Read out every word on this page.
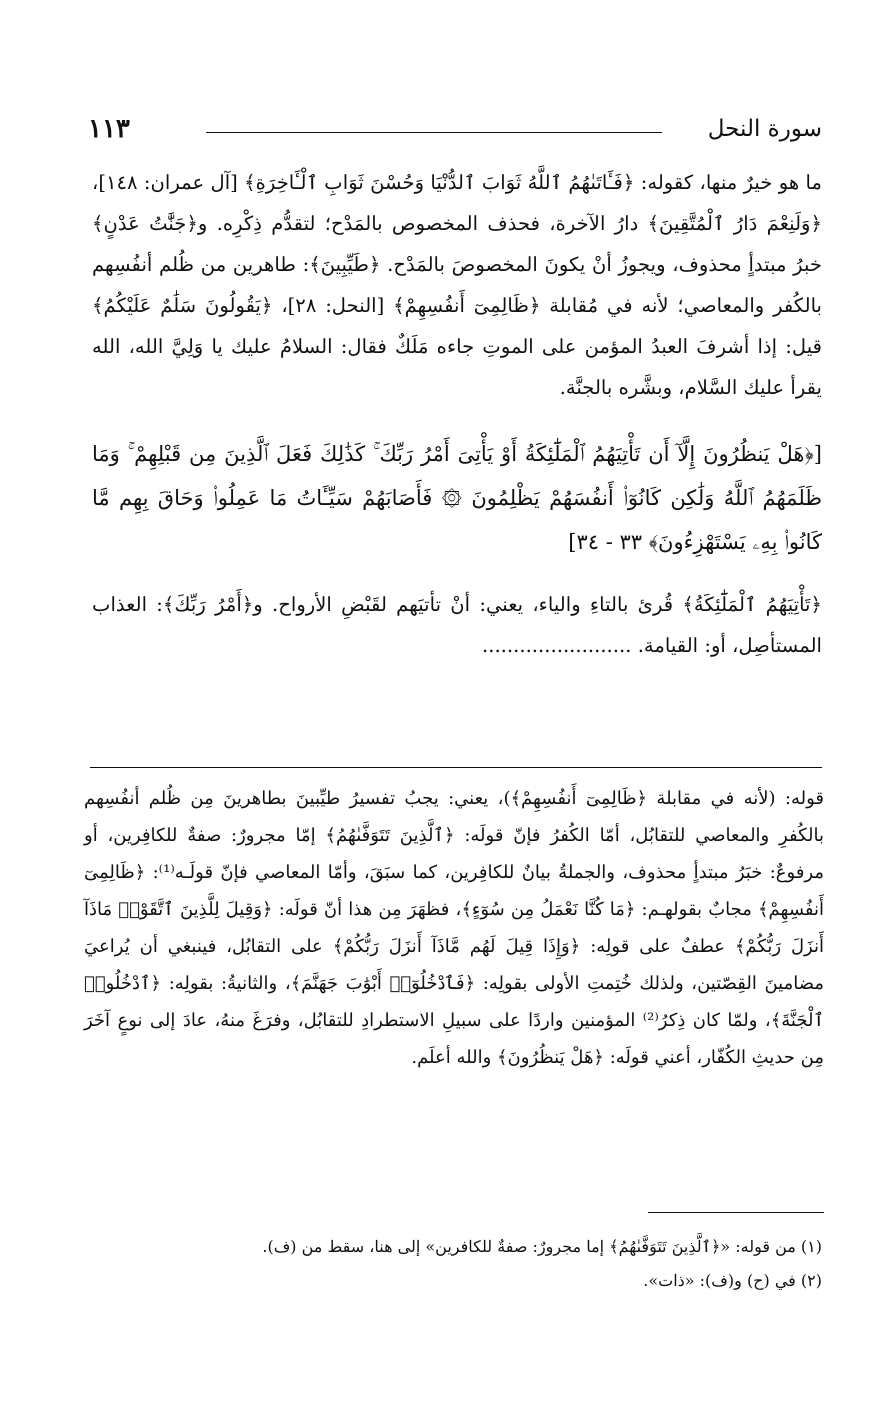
سورة النحل
١١٣

ما هو خيرٌ منها، كقوله: ﴿فَـَٔاتَىٰهُمُ ٱللَّهُ ثَوَابَ ٱلدُّنْيَا وَحُسْنَ ثَوَابِ ٱلْـَٔاخِرَةِ﴾ [آل عمران: ١٤٨]، ﴿وَلَنِعْمَ دَارُ ٱلْمُتَّقِينَ﴾ دارُ الآخرة، فحذف المخصوص بالمَدْح؛ لتقدُّم ذِكْرِه. و﴿جَنَّٰتُ عَدْنٍ﴾ خبرُ مبتدأٍ محذوف، ويجوزُ أنْ يكونَ المخصوصَ بالمَدْح. ﴿طَيِّبِينَ﴾: طاهرين من ظُلم أنفُسِهم بالكُفر والمعاصي؛ لأنه في مُقابلة ﴿ظَالِمِىٓ أَنفُسِهِمْ﴾ [النحل: ٢٨]، ﴿يَقُولُونَ سَلَٰمٌ عَلَيْكُمُ﴾ قيل: إذا أشرفَ العبدُ المؤمن على الموتِ جاءه مَلَكٌ فقال: السلامُ عليك يا وَلِيَّ الله، الله يقرأ عليك السَّلام، وبشَّره بالجنَّة.

[﴿هَلْ يَنظُرُونَ إِلَّآ أَن تَأْتِيَهُمُ ٱلْمَلَٰٓئِكَةُ أَوْ يَأْتِىَ أَمْرُ رَبِّكَ ۚ كَذَٰلِكَ فَعَلَ ٱلَّذِينَ مِن قَبْلِهِمْ ۚ وَمَا ظَلَمَهُمُ ٱللَّهُ وَلَٰكِن كَانُوٓا۟ أَنفُسَهُمْ يَظْلِمُونَ ۞ فَأَصَابَهُمْ سَيِّـَٔاتُ مَا عَمِلُوا۟ وَحَاقَ بِهِم مَّا كَانُوا۟ بِهِۦ يَسْتَهْزِءُونَ﴾ ٣٣ - ٣٤]

﴿تَأْتِيَهُمُ ٱلْمَلَٰٓئِكَةُ﴾ قُرئ بالتاءِ والياء، يعني: أنْ تأتيَهم لقَبْضِ الأرواح. و﴿أَمْرُ رَبِّكَ﴾: العذاب المستأصِل، أو: القيامة. ........................

قوله: (لأنه في مقابلة ﴿ظَالِمِىٓ أَنفُسِهِمْ﴾)، يعني: يجبُ تفسيرُ طيِّبينَ بطاهرينَ مِن ظُلم أنفُسِهم بالكُفرِ والمعاصي للتقابُل، أمّا الكُفرُ فإنّ قولَه: ﴿ٱلَّذِينَ تَتَوَفَّىٰهُمُ﴾ إمّا مجرورٌ: صفةٌ للكافِرين، أو مرفوعٌ: خبَرُ مبتدأٍ محذوف، والجملةُ بيانٌ للكافِرين، كما سبَقَ، وأمّا المعاصي فإنّ قولَـه⁽¹⁾: ﴿ظَالِمِىٓ أَنفُسِهِمْ﴾ مجابٌ بقولهـم: ﴿مَا كُنَّا نَعْمَلُ مِن سُوٓءٍ﴾، فظهَرَ مِن هذا أنّ قولَه: ﴿وَقِيلَ لِلَّذِينَ ٱتَّقَوْا۟ مَاذَآ أَنزَلَ رَبُّكُمْ﴾ عطفٌ على قولِه: ﴿وَإِذَا قِيلَ لَهُم مَّاذَآ أَنزَلَ رَبُّكُمْ﴾ على التقابُل، فينبغي أن يُراعيَ مضامينَ القِصّتين، ولذلك خُتِمتِ الأولى بقولِه: ﴿فَٱدْخُلُوٓا۟ أَبْوَٰبَ جَهَنَّمَ﴾، والثانيةُ: بقولِه: ﴿ٱدْخُلُوا۟ ٱلْجَنَّةَ﴾، ولمّا كان ذِكرُ⁽²⁾ المؤمنين واردًا على سبيلِ الاستطرادِ للتقابُل، وفرَغَ منهُ، عادَ إلى نوعٍ آخَرَ مِن حديثِ الكُفّار، أعني قولَه: ﴿هَلْ يَنظُرُونَ﴾ والله أعلَم.

(١) من قوله: «﴿ٱلَّذِينَ تَتَوَفَّىٰهُمُ﴾ إما مجرورٌ: صفةٌ للكافرين» إلى هنا، سقط من (ف).

(٢) في (ح) و(ف): «ذات».
